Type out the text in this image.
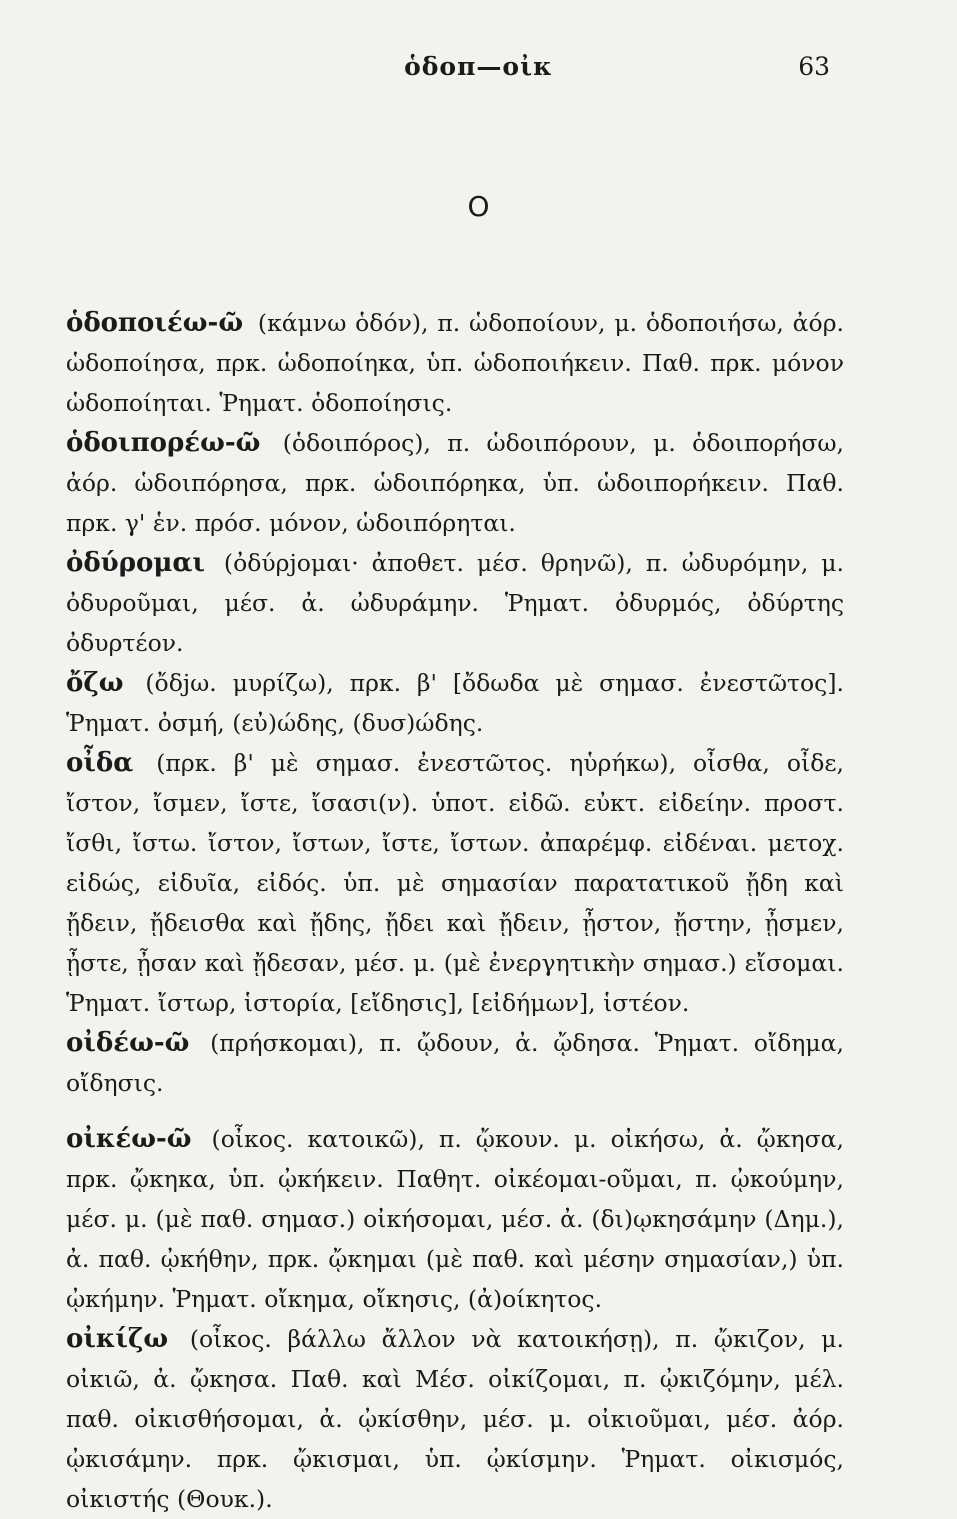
ὁδοπ—οἰκ	63
Ο

ὁδοποιέω-ῶ (κάμνω ὁδόν), π. ὡδοποίουν, μ. ὁδοποιήσω, ἀόρ. ὡδοποίησα, πρκ. ὡδοποίηκα, ὑπ. ὡδοποιήκειν. Παθ. πρκ. μόνον ὡδοποίηται. Ῥηματ. ὁδοποίησις.

ὁδοιπορέω-ῶ (ὁδοιπόρος), π. ὡδοιπόρουν, μ. ὁδοιπορήσω, ἀόρ. ὡδοιπόρησα, πρκ. ὡδοιπόρηκα, ὑπ. ὡδοιπορήκειν. Παθ. πρκ. γ' ἑν. πρόσ. μόνον, ὡδοιπόρηται.

ὀδύρομαι (ὀδύρjομαι· ἀποθετ. μέσ. θρηνῶ), π. ὠδυρόμην, μ. ὀδυροῦμαι, μέσ. ἀ. ὠδυράμην. Ῥηματ. ὀδυρμός, ὀδύρτης ὀδυρτέον.

ὄζω (ὄδjω. μυρίζω), πρκ. β' [ὄδωδα μὲ σημασ. ἐνεστῶτος]. Ῥηματ. ὀσμή, (εὐ)ώδης, (δυσ)ώδης.

οἶδα (πρκ. β' μὲ σημασ. ἐνεστῶτος. ηὑρήκω), οἶσθα, οἶδε, ἴστον, ἴσμεν, ἴστε, ἴσασι(ν). ὑποτ. εἰδῶ. εὐκτ. εἰδείην. προστ. ἴσθι, ἴστω. ἴστον, ἴστων, ἴστε, ἴστων. ἀπαρέμφ. εἰδέναι. μετοχ. εἰδώς, εἰδυῖα, εἰδός. ὑπ. μὲ σημασίαν παρατατικοῦ ᾔδη καὶ ᾔδειν, ᾔδεισθα καὶ ᾔδης, ᾔδει καὶ ᾔδειν, ᾖστον, ᾔστην, ᾖσμεν, ᾖστε, ᾖσαν καὶ ᾔδεσαν, μέσ. μ. (μὲ ἐνεργητικὴν σημασ.) εἴσομαι. Ῥηματ. ἴστωρ, ἱστορία, [εἴδησις], [εἰδήμων], ἱστέον.

οἰδέω-ῶ (πρήσκομαι), π. ᾤδουν, ἀ. ᾤδησα. Ῥηματ. οἴδημα, οἴδησις.

οἰκέω-ῶ (οἶκος. κατοικῶ), π. ᾤκουν. μ. οἰκήσω, ἀ. ᾤκησα, πρκ. ᾤκηκα, ὑπ. ᾠκήκειν. Παθητ. οἰκέομαι-οῦμαι, π. ᾠκούμην, μέσ. μ. (μὲ παθ. σημασ.) οἰκήσομαι, μέσ. ἀ. (δι)ῳκησάμην (Δημ.), ἀ. παθ. ᾠκήθην, πρκ. ᾤκημαι (μὲ παθ. καὶ μέσην σημασίαν,) ὑπ. ᾠκήμην. Ῥηματ. οἴκημα, οἴκησις, (ἀ)οίκητος.

οἰκίζω (οἶκος. βάλλω ἄλλον νὰ κατοικήσῃ), π. ᾤκιζον, μ. οἰκιῶ, ἀ. ᾤκησα. Παθ. καὶ Μέσ. οἰκίζομαι, π. ᾠκιζόμην, μέλ. παθ. οἰκισθήσομαι, ἀ. ᾠκίσθην, μέσ. μ. οἰκιοῦμαι, μέσ. ἀόρ. ᾠκισάμην. πρκ. ᾤκισμαι, ὑπ. ᾠκίσμην. Ῥηματ. οἰκισμός, οἰκιστής (Θουκ.).
